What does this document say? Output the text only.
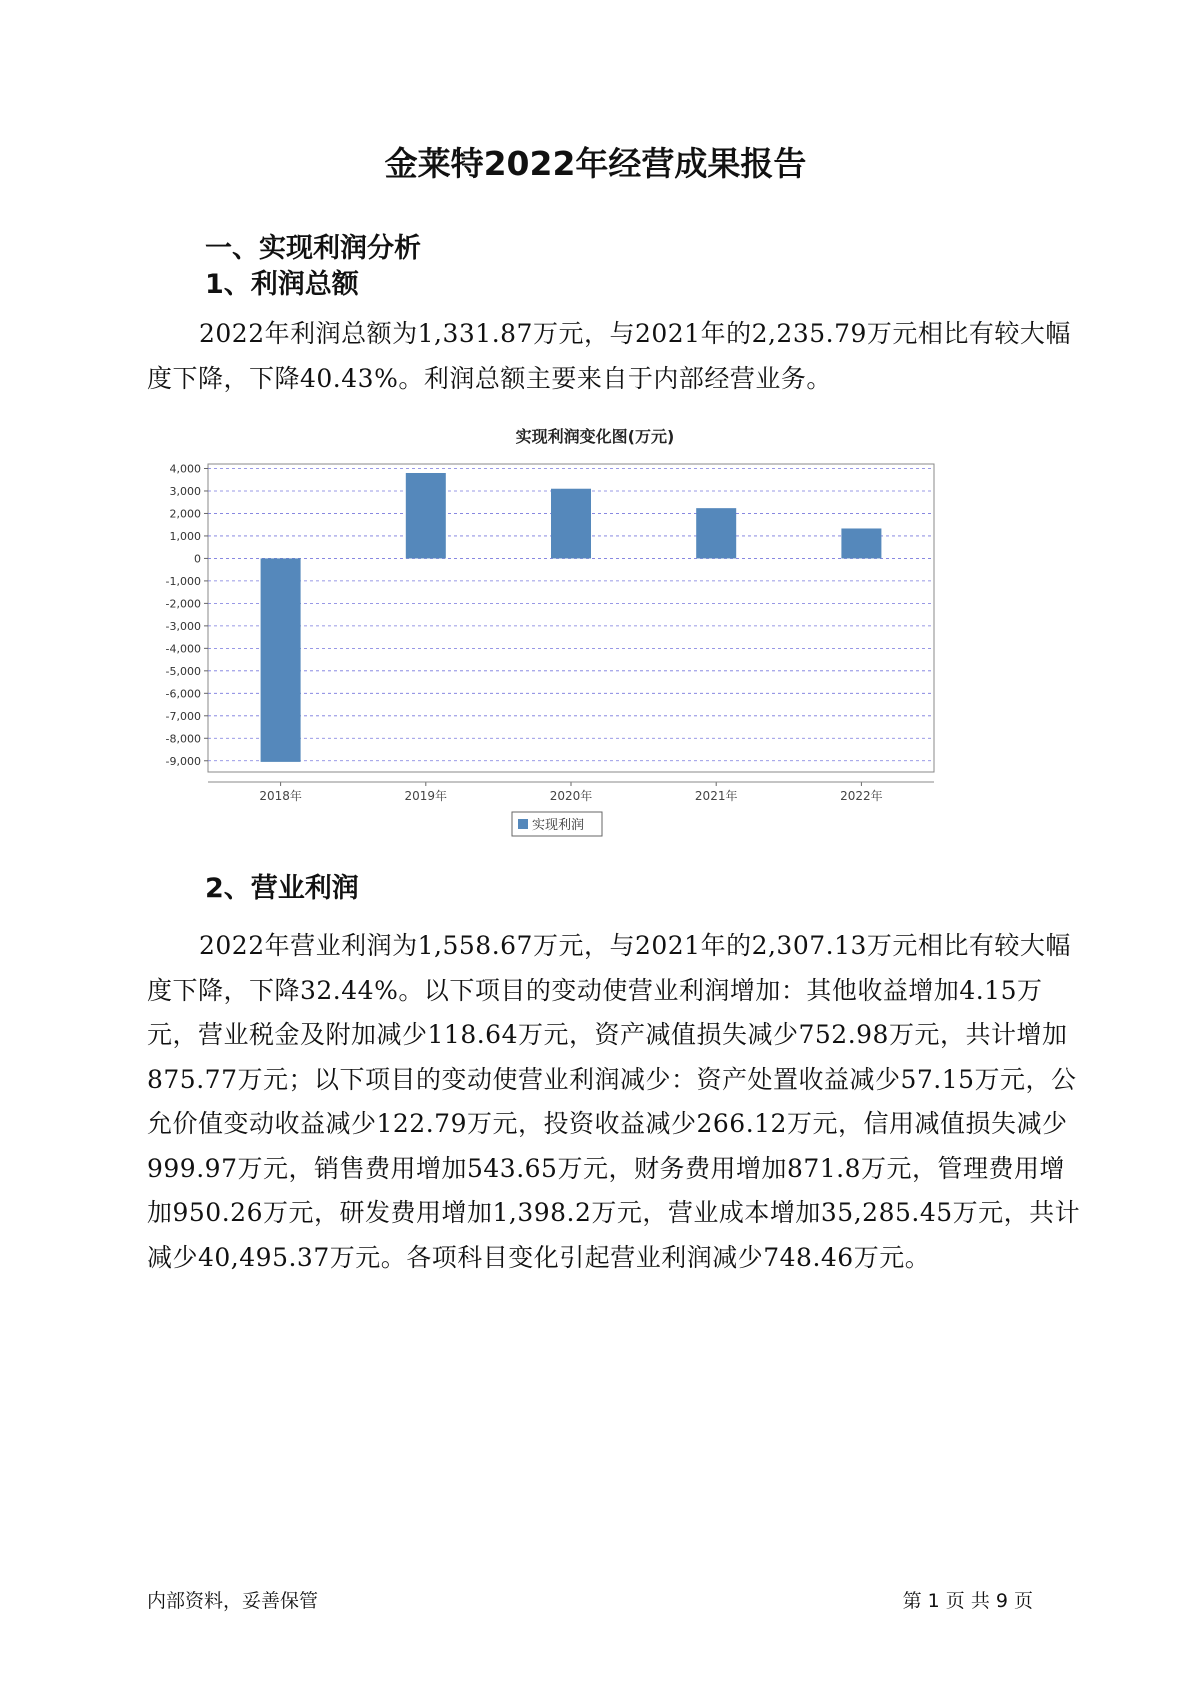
金莱特2022年经营成果报告
一、实现利润分析
1、利润总额

2022年利润总额为1,331.87万元，与2021年的2,235.79万元相比有较大幅度下降，下降40.43%。利润总额主要来自于内部经营业务。

实现利润变化图(万元)
4,000
3,000
2,000
1,000
0
-1,000
-2,000
-3,000
-4,000
-5,000
-6,000
-7,000
-8,000
-9,000
2018年	2019年	2020年	2021年	2022年
实现利润
2、营业利润

2022年营业利润为1,558.67万元，与2021年的2,307.13万元相比有较大幅度下降，下降32.44%。以下项目的变动使营业利润增加：其他收益增加4.15万元，营业税金及附加减少118.64万元，资产减值损失减少752.98万元，共计增加875.77万元；以下项目的变动使营业利润减少：资产处置收益减少57.15万元，公允价值变动收益减少122.79万元，投资收益减少266.12万元，信用减值损失减少999.97万元，销售费用增加543.65万元，财务费用增加871.8万元，管理费用增加950.26万元，研发费用增加1,398.2万元，营业成本增加35,285.45万元，共计减少40,495.37万元。各项科目变化引起营业利润减少748.46万元。

内部资料，妥善保管	第 1 页 共 9 页
